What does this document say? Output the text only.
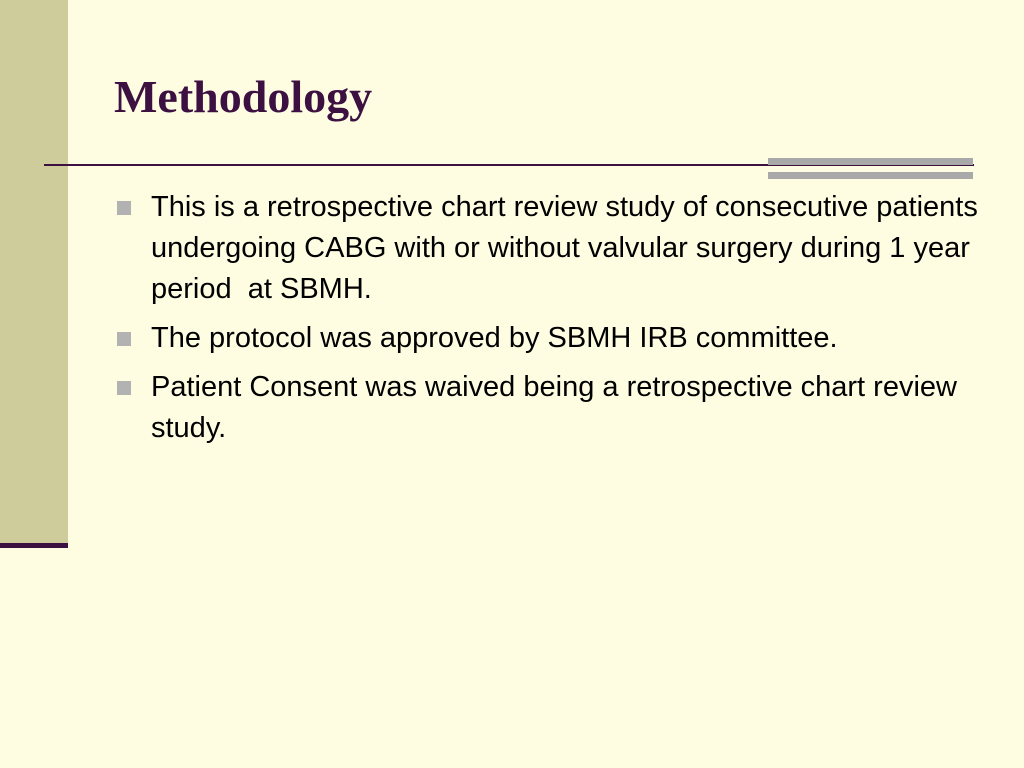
Methodology
This is a retrospective chart review study of consecutive patients undergoing CABG with or without valvular surgery during 1 year period  at SBMH.
The protocol was approved by SBMH IRB committee.
Patient Consent was waived being a retrospective chart review study.
